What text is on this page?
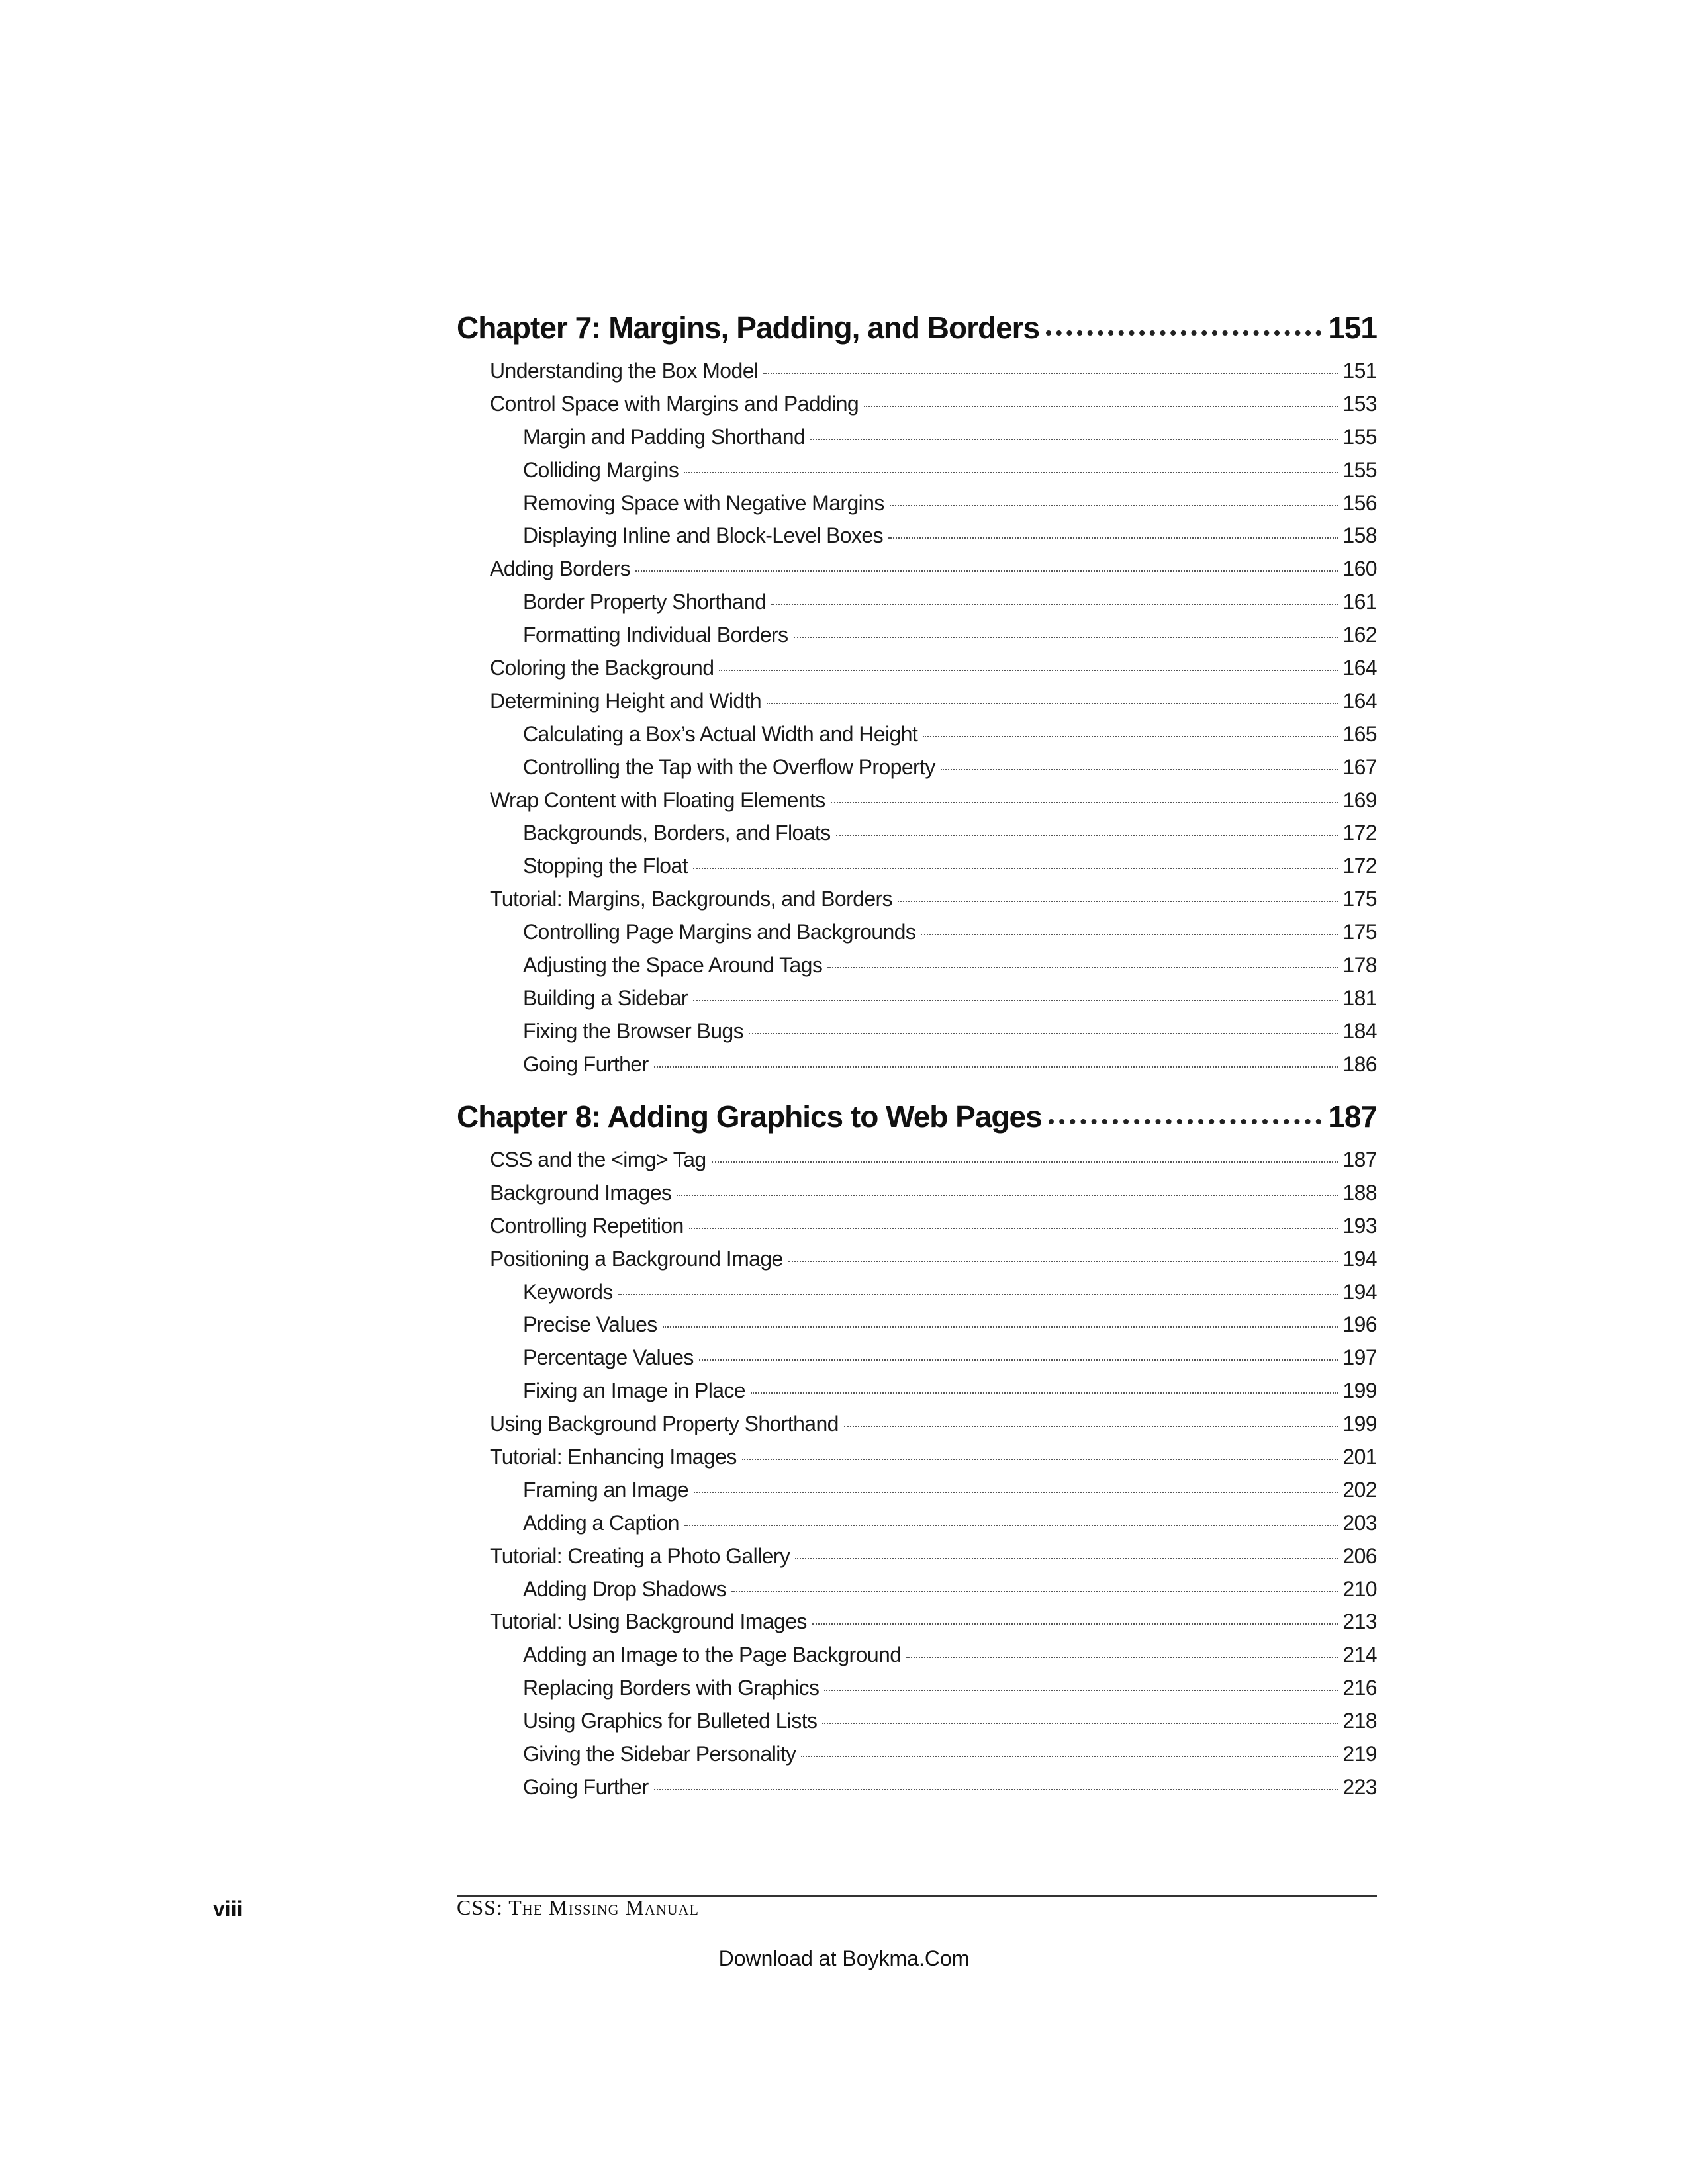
Chapter 7: Margins, Padding, and Borders	151
Understanding the Box Model	151
Control Space with Margins and Padding	153
Margin and Padding Shorthand	155
Colliding Margins	155
Removing Space with Negative Margins	156
Displaying Inline and Block-Level Boxes	158
Adding Borders	160
Border Property Shorthand	161
Formatting Individual Borders	162
Coloring the Background	164
Determining Height and Width	164
Calculating a Box’s Actual Width and Height	165
Controlling the Tap with the Overflow Property	167
Wrap Content with Floating Elements	169
Backgrounds, Borders, and Floats	172
Stopping the Float	172
Tutorial: Margins, Backgrounds, and Borders	175
Controlling Page Margins and Backgrounds	175
Adjusting the Space Around Tags	178
Building a Sidebar	181
Fixing the Browser Bugs	184
Going Further	186
Chapter 8: Adding Graphics to Web Pages	187
CSS and the <img> Tag	187
Background Images	188
Controlling Repetition	193
Positioning a Background Image	194
Keywords	194
Precise Values	196
Percentage Values	197
Fixing an Image in Place	199
Using Background Property Shorthand	199
Tutorial: Enhancing Images	201
Framing an Image	202
Adding a Caption	203
Tutorial: Creating a Photo Gallery	206
Adding Drop Shadows	210
Tutorial: Using Background Images	213
Adding an Image to the Page Background	214
Replacing Borders with Graphics	216
Using Graphics for Bulleted Lists	218
Giving the Sidebar Personality	219
Going Further	223
viii	CSS: The Missing Manual
Download at Boykma.Com
